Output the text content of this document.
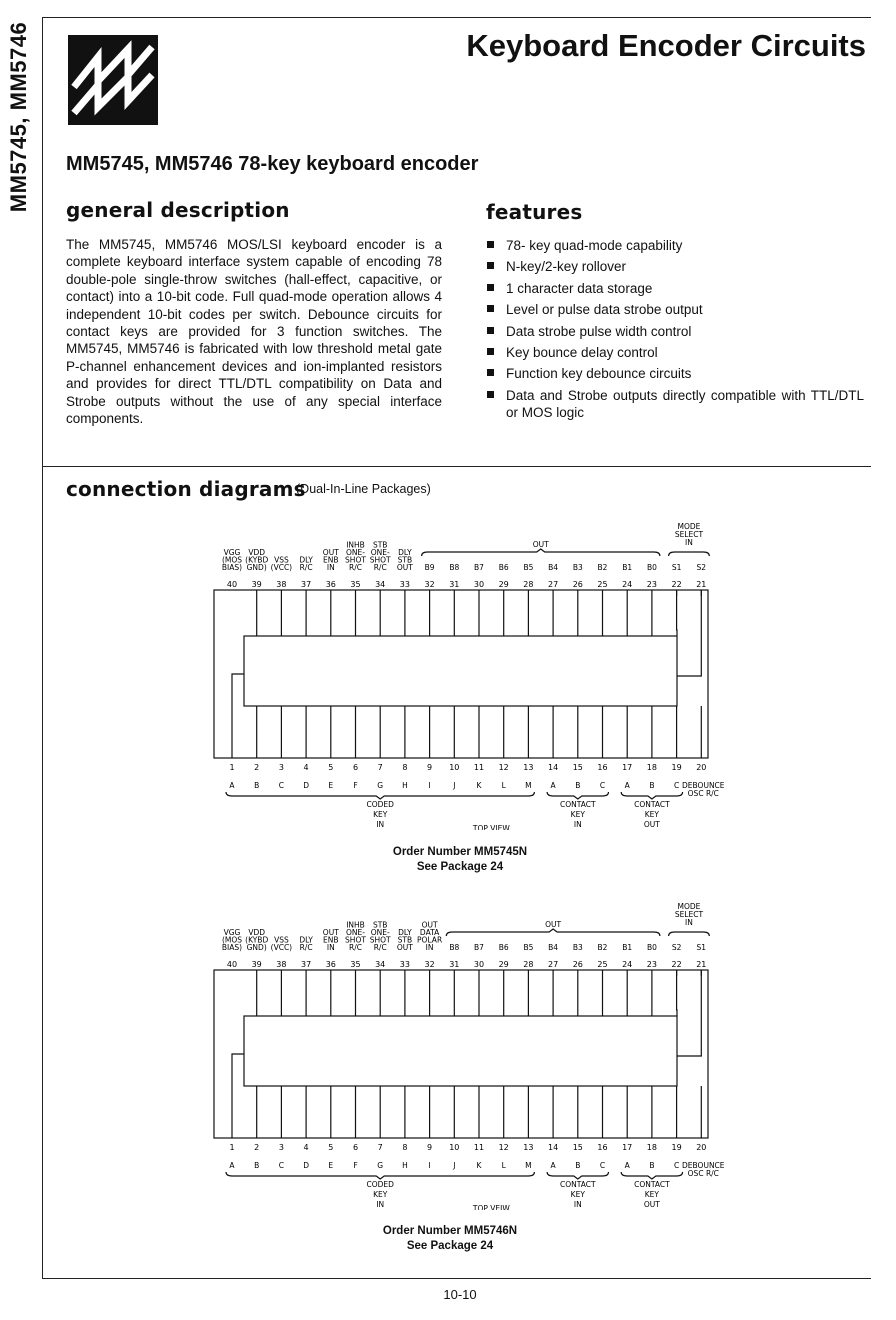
MM5745, MM5746	Keyboard Encoder Circuits
MM5745, MM5746 78-key keyboard encoder
general description
The MM5745, MM5746 MOS/LSI keyboard encoder is a complete keyboard interface system capable of encoding 78 double-pole single-throw switches (hall-effect, capacitive, or contact) into a 10-bit code. Full quad-mode operation allows 4 independent 10-bit codes per switch. Debounce circuits for contact keys are provided for 3 function switches. The MM5745, MM5746 is fabricated with low threshold metal gate P-channel enhancement devices and ion-implanted resistors and provides for direct TTL/DTL compatibility on Data and Strobe outputs without the use of any special interface components.
features
78- key quad-mode capability
N-key/2-key rollover
1 character data storage
Level or pulse data strobe output
Data strobe pulse width control
Key bounce delay control
Function key debounce circuits
Data and Strobe outputs directly compatible with TTL/DTL or MOS logic
connection diagrams
(Dual-In-Line Packages)
VGG
(MOS
BIAS)
VDD
(KYBD
GND)
VSS
(VCC)
DLY
R/C
OUT
ENB
IN
INHB
ONE-
SHOT
R/C
STB
ONE-
SHOT
R/C
DLY
STB
OUT B9 B8 B7 B6 B5 B4 B3 B2 B1 B0 S1 S2
40 39 38 37 36 35 34 33 32 31 30 29 28 27 26 25 24 23 22 21
OUT
MODE
SELECT
IN
1 2 3 4 5 6 7 8 9 10 11 12 13 14 15 16 17 18 19 20
A	B	C	D	E	F	G	H	I	J	K	L	M	A	B	C	A	B	C DEBOUNCE
OSC R/C
CODED
KEY
IN
CONTACT
KEY
IN
CONTACT
KEY
OUT
TOP VIEW
Order Number MM5745N
See Package 24
VGG
(MOS
BIAS)
VDD
(KYBD
GND)
VSS
(VCC)
DLY
R/C
OUT
ENB
IN
INHB
ONE-
SHOT
R/C
STB
ONE-
SHOT
R/C
DLY
STB
OUT
OUT
DATA
POLAR
IN B8 B7 B6 B5 B4 B3 B2 B1 B0 S2 S1
40 39 38 37 36 35 34 33 32 31 30 29 28 27 26 25 24 23 22 21
OUT
MODE
SELECT
IN
1 2 3 4 5 6 7 8 9 10 11 12 13 14 15 16 17 18 19 20
A	B	C	D	E	F	G	H	I	J	K	L	M	A	B	C	A	B	C DEBOUNCE
OSC R/C
CODED
KEY
IN
CONTACT
KEY
IN
CONTACT
KEY
OUT
TOP VEIW
Order Number MM5746N
See Package 24
10-10
